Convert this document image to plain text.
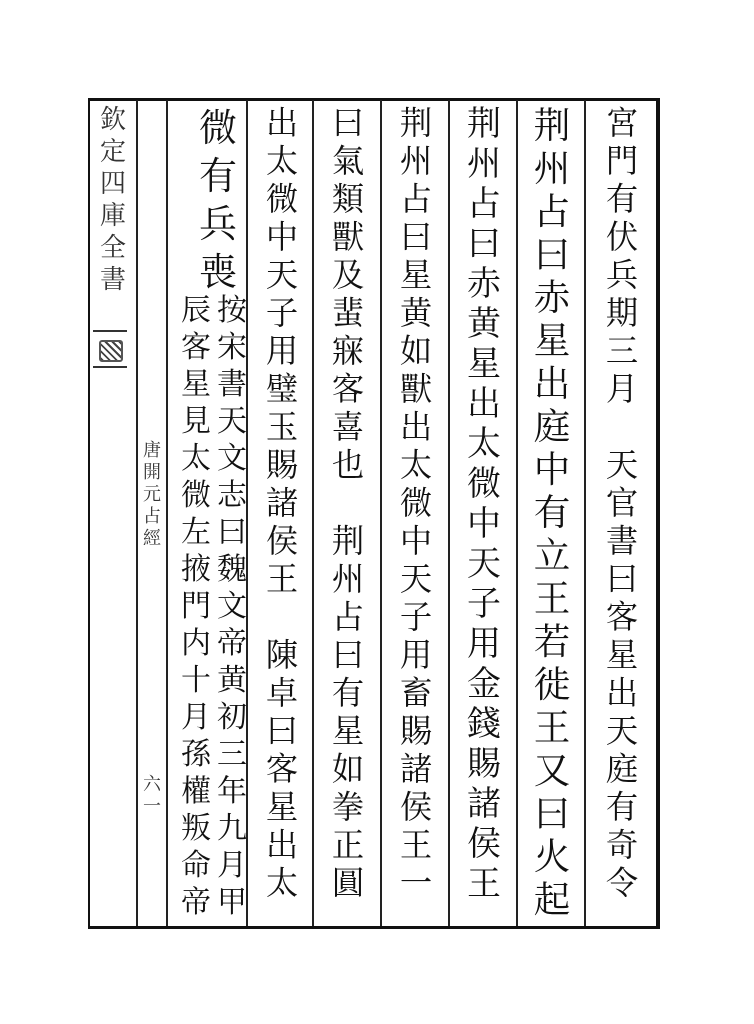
欽
定
四
庫
全
書
唐
開
元
占
經
六
一
宮
門
有
伏
兵
期
三
月

天
官
書
曰
客
星
出
天
庭
有
奇
令
荆
州
占
曰
赤
星
出
庭
中
有
立
王
若
徙
王
又
曰
火
起
荆
州
占
曰
赤
黄
星
出
太
微
中
天
子
用
金
錢
賜
諸
侯
王
荆
州
占
曰
星
黄
如
獸
出
太
微
中
天
子
用
畜
賜
諸
侯
王
一
曰
氣
類
獸
及
蜚
㝥
客
喜
也

荆
州
占
曰
有
星
如
拳
正
圓
出
太
微
中
天
子
用
璧
玉
賜
諸
侯
王

陳
卓
曰
客
星
出
太
微
有
兵
喪
按
宋
書
天
文
志
曰
魏
文
帝
黄
初
三
年
九
月
甲
辰
客
星
見
太
微
左
掖
門
内
十
月
孫
權
叛
命
帝
